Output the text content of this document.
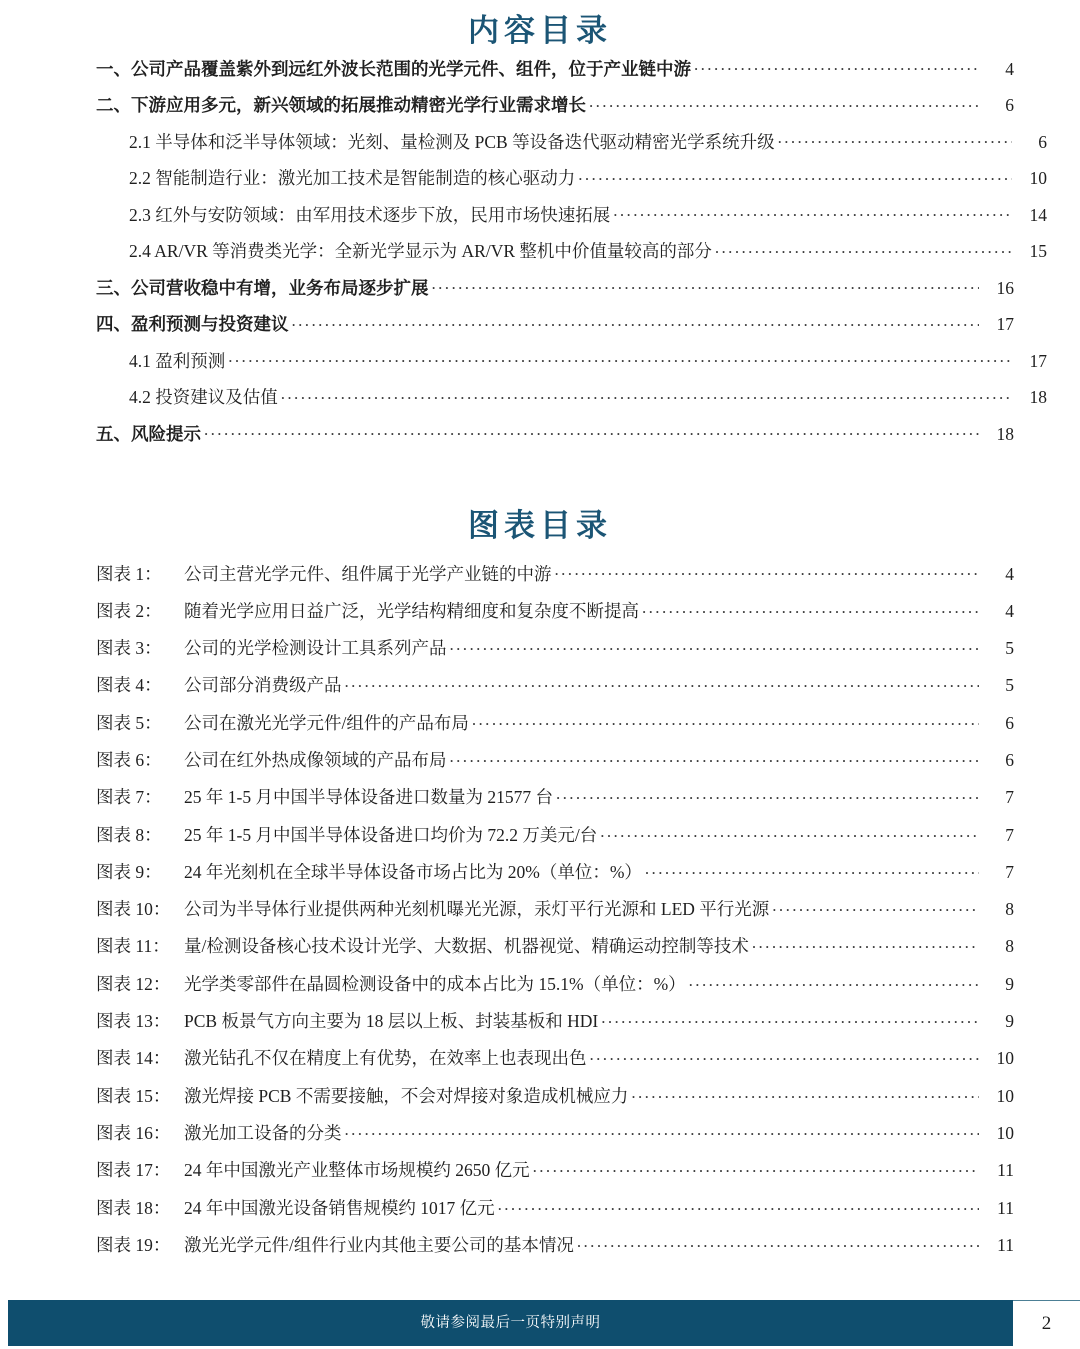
内容目录
一、公司产品覆盖紫外到远红外波长范围的光学元件、组件，位于产业链中游 .....	4
二、下游应用多元，新兴领域的拓展推动精密光学行业需求增长 .....	6
2.1 半导体和泛半导体领域：光刻、量检测及 PCB 等设备迭代驱动精密光学系统升级 .....	6
2.2 智能制造行业：激光加工技术是智能制造的核心驱动力 .....	10
2.3 红外与安防领域：由军用技术逐步下放，民用市场快速拓展 .....	14
2.4 AR/VR 等消费类光学：全新光学显示为 AR/VR 整机中价值量较高的部分 .....	15
三、公司营收稳中有增，业务布局逐步扩展 .....	16
四、盈利预测与投资建议 .....	17
4.1 盈利预测 .....	17
4.2 投资建议及估值 .....	18
五、风险提示 .....	18
图表目录
图表 1：	公司主营光学元件、组件属于光学产业链的中游 .....	4
图表 2：	随着光学应用日益广泛，光学结构精细度和复杂度不断提高 .....	4
图表 3：	公司的光学检测设计工具系列产品 .....	5
图表 4：	公司部分消费级产品 .....	5
图表 5：	公司在激光光学元件/组件的产品布局 .....	6
图表 6：	公司在红外热成像领域的产品布局 .....	6
图表 7：	25 年 1-5 月中国半导体设备进口数量为 21577 台 .....	7
图表 8：	25 年 1-5 月中国半导体设备进口均价为 72.2 万美元/台 .....	7
图表 9：	24 年光刻机在全球半导体设备市场占比为 20%（单位：%） .....	7
图表 10： 公司为半导体行业提供两种光刻机曝光光源，汞灯平行光源和 LED 平行光源 .....	8
图表 11： 量/检测设备核心技术设计光学、大数据、机器视觉、精确运动控制等技术 .....	8
图表 12： 光学类零部件在晶圆检测设备中的成本占比为 15.1%（单位：%） .....	9
图表 13： PCB 板景气方向主要为 18 层以上板、封装基板和 HDI .....	9
图表 14： 激光钻孔不仅在精度上有优势，在效率上也表现出色 .....	10
图表 15： 激光焊接 PCB 不需要接触，不会对焊接对象造成机械应力 .....	10
图表 16： 激光加工设备的分类 .....	10
图表 17： 24 年中国激光产业整体市场规模约 2650 亿元 .....	11
图表 18： 24 年中国激光设备销售规模约 1017 亿元 .....	11
图表 19： 激光光学元件/组件行业内其他主要公司的基本情况 .....	11
敬请参阅最后一页特别声明	2
